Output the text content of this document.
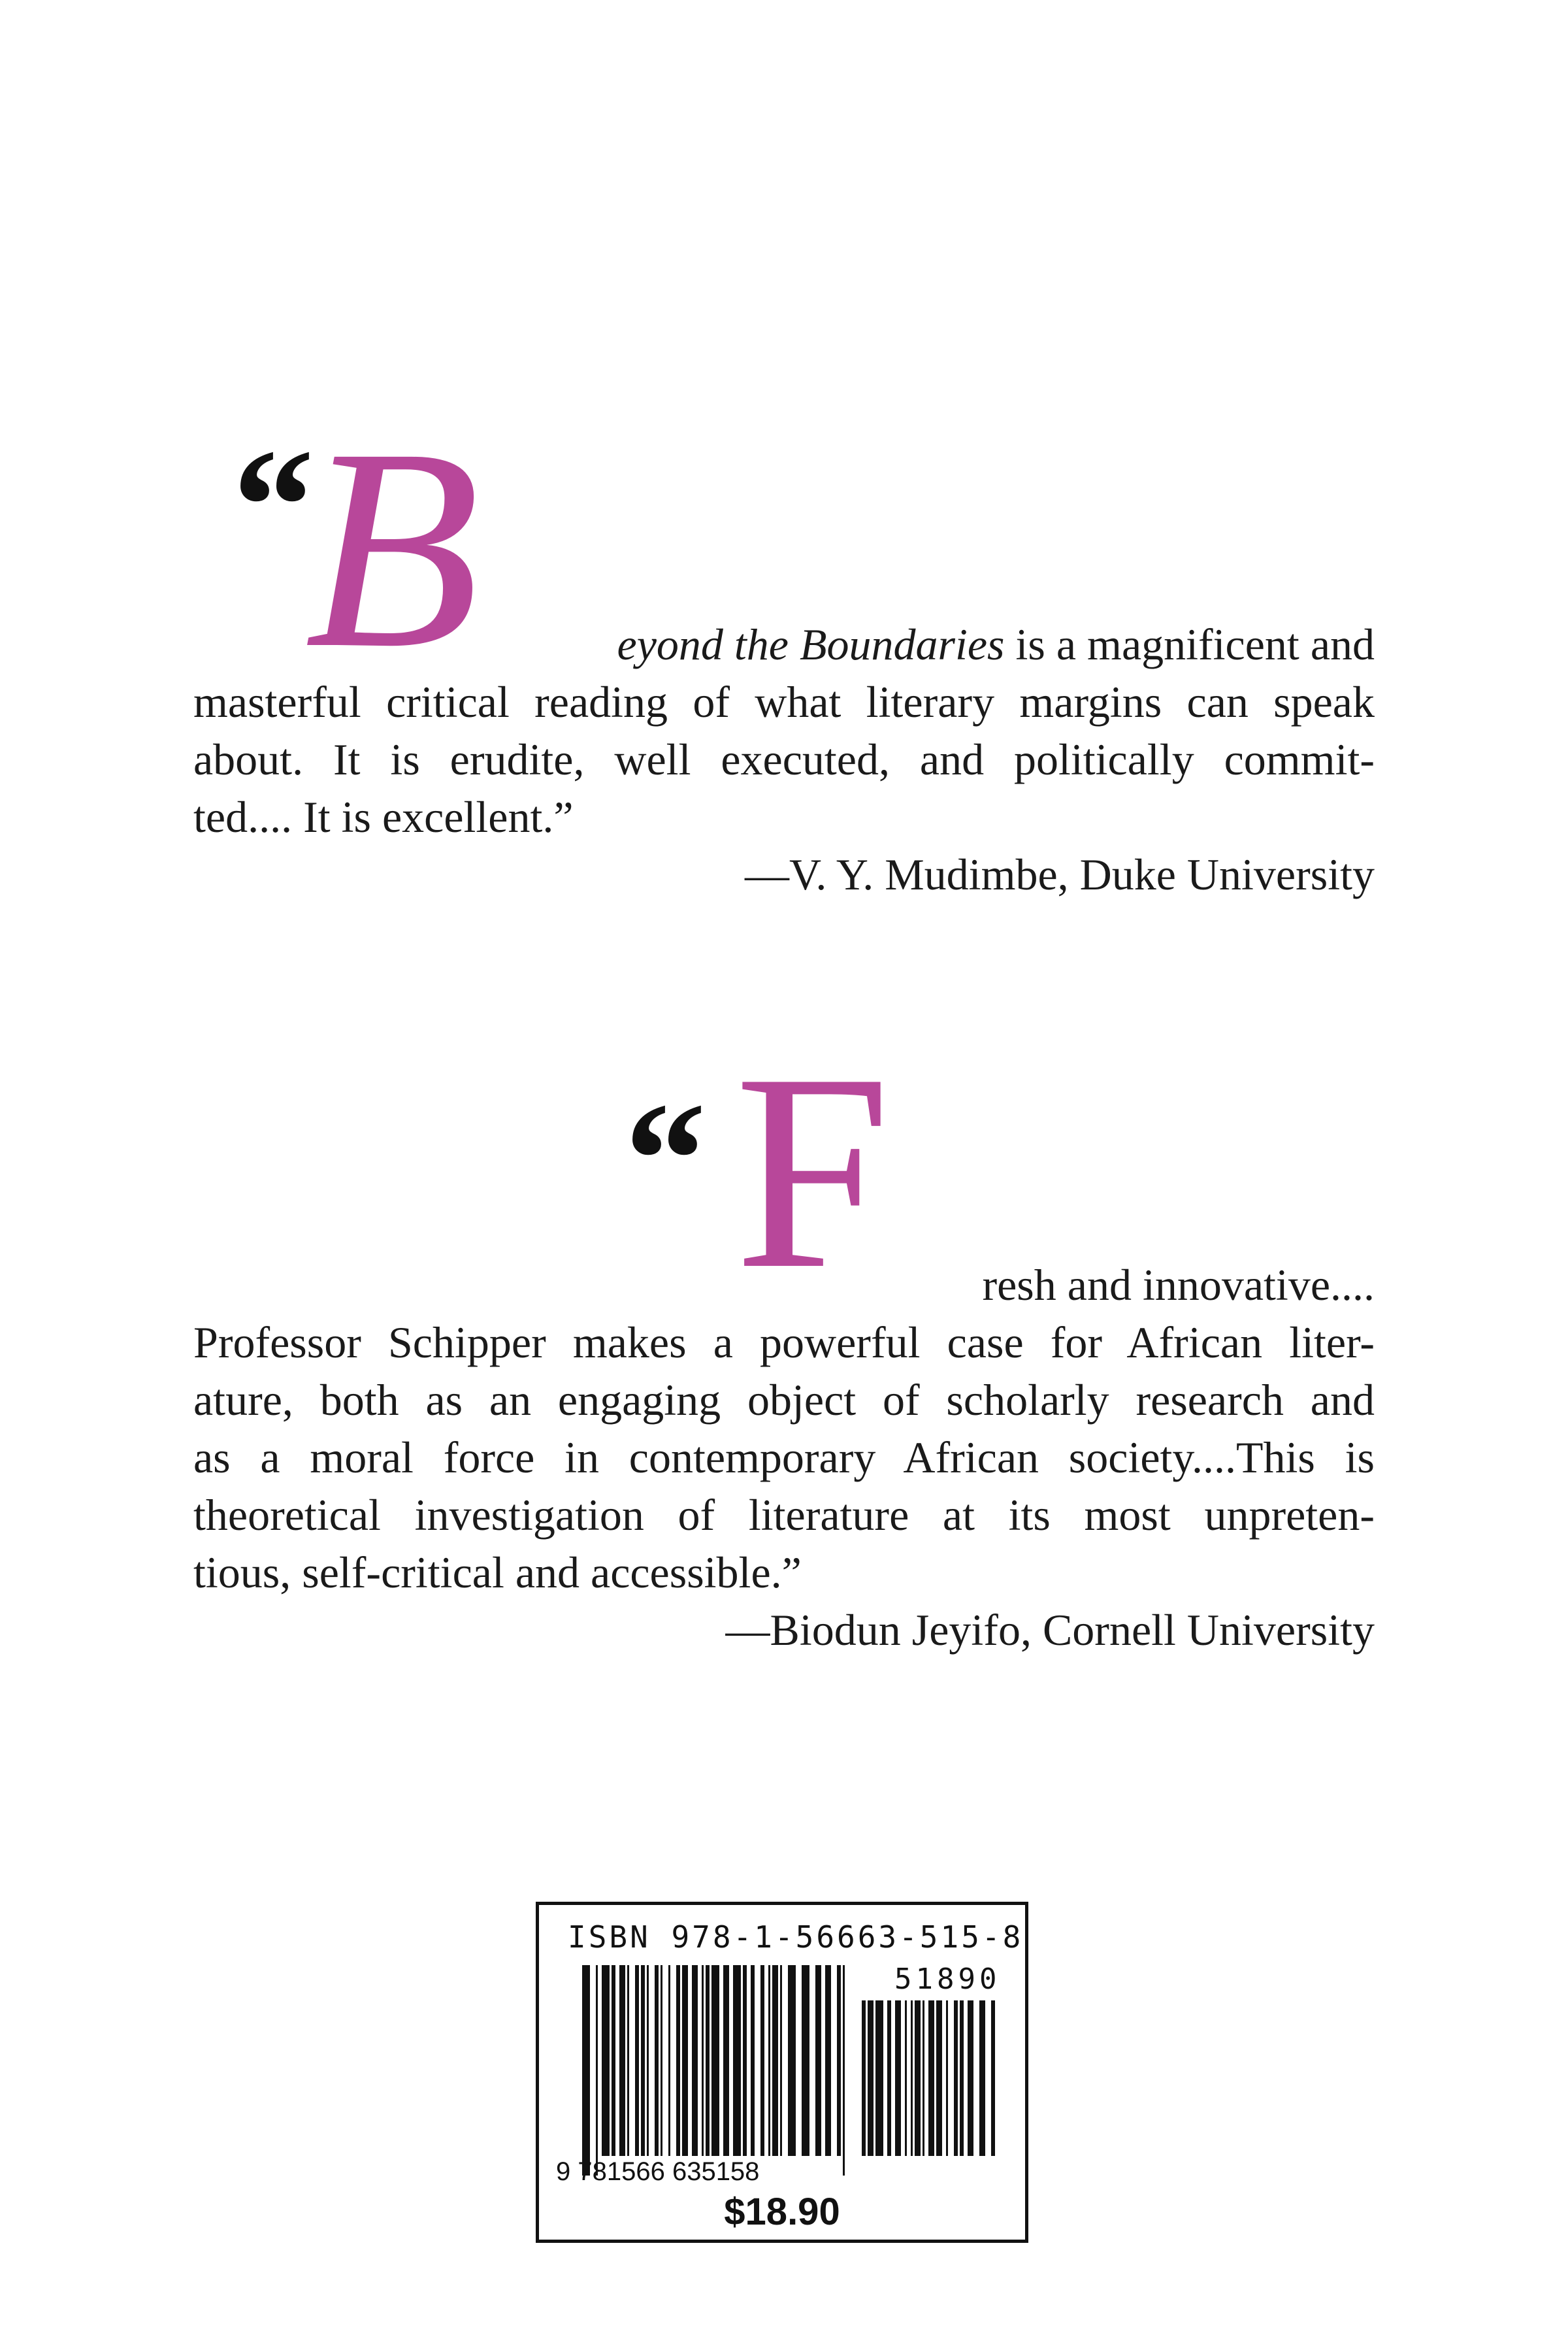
“
B	eyond the Boundaries is a magnificent and
masterful critical reading of what literary margins can speak
about. It is erudite, well executed, and politically commit-
ted.... It is excellent.”
—V. Y. Mudimbe, Duke University
“ F	resh and innovative....
Professor Schipper makes a powerful case for African liter-
ature, both as an engaging object of scholarly research and
as a moral force in contemporary African society....This is
theoretical investigation of literature at its most unpreten-
tious, self-critical and accessible.”
—Biodun Jeyifo, Cornell University
ISBN 978-1-56663-515-8
51890
9 781566 635158
$18.90
